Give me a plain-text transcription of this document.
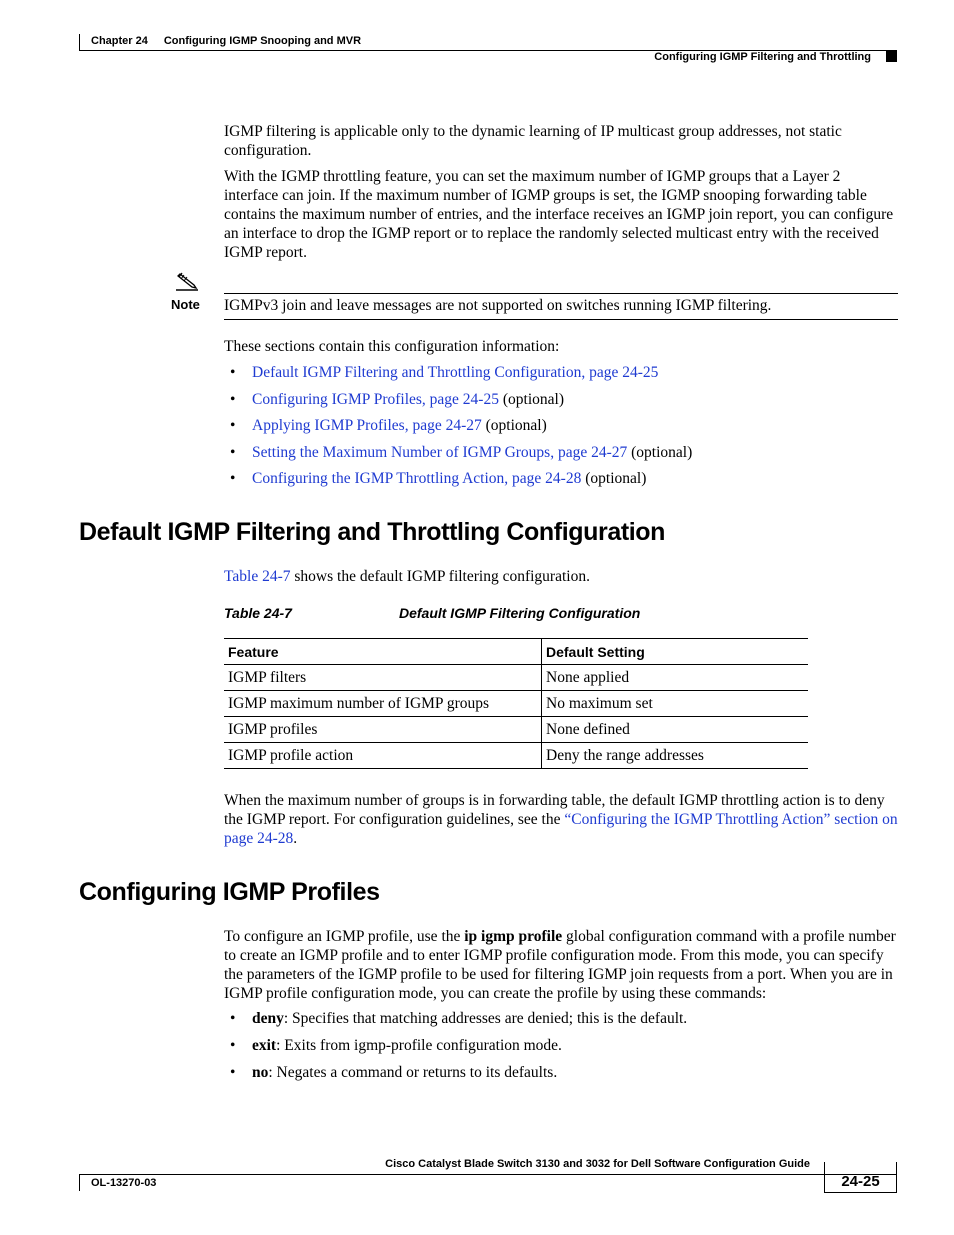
Chapter 24 Configuring IGMP Snooping and MVR
Configuring IGMP Filtering and Throttling

IGMP filtering is applicable only to the dynamic learning of IP multicast group addresses, not static configuration.

With the IGMP throttling feature, you can set the maximum number of IGMP groups that a Layer 2 interface can join. If the maximum number of IGMP groups is set, the IGMP snooping forwarding table contains the maximum number of entries, and the interface receives an IGMP join report, you can configure an interface to drop the IGMP report or to replace the randomly selected multicast entry with the received IGMP report.

Note IGMPv3 join and leave messages are not supported on switches running IGMP filtering.
These sections contain this configuration information:
• Default IGMP Filtering and Throttling Configuration, page 24-25
• Configuring IGMP Profiles, page 24-25 (optional)
• Applying IGMP Profiles, page 24-27 (optional)
• Setting the Maximum Number of IGMP Groups, page 24-27 (optional)
• Configuring the IGMP Throttling Action, page 24-28 (optional)
Default IGMP Filtering and Throttling Configuration
Table 24-7 shows the default IGMP filtering configuration.
Table 24-7	Default IGMP Filtering Configuration
Feature	Default Setting
IGMP filters	None applied
IGMP maximum number of IGMP groups	No maximum set
IGMP profiles	None defined
IGMP profile action	Deny the range addresses
When the maximum number of groups is in forwarding table, the default IGMP throttling action is to deny the IGMP report. For configuration guidelines, see the “Configuring the IGMP Throttling Action” section on page 24-28.
Configuring IGMP Profiles
To configure an IGMP profile, use the ip igmp profile global configuration command with a profile number to create an IGMP profile and to enter IGMP profile configuration mode. From this mode, you can specify the parameters of the IGMP profile to be used for filtering IGMP join requests from a port. When you are in IGMP profile configuration mode, you can create the profile by using these commands:
• deny: Specifies that matching addresses are denied; this is the default.
• exit: Exits from igmp-profile configuration mode.
• no: Negates a command or returns to its defaults.
Cisco Catalyst Blade Switch 3130 and 3032 for Dell Software Configuration Guide
OL-13270-03	24-25
